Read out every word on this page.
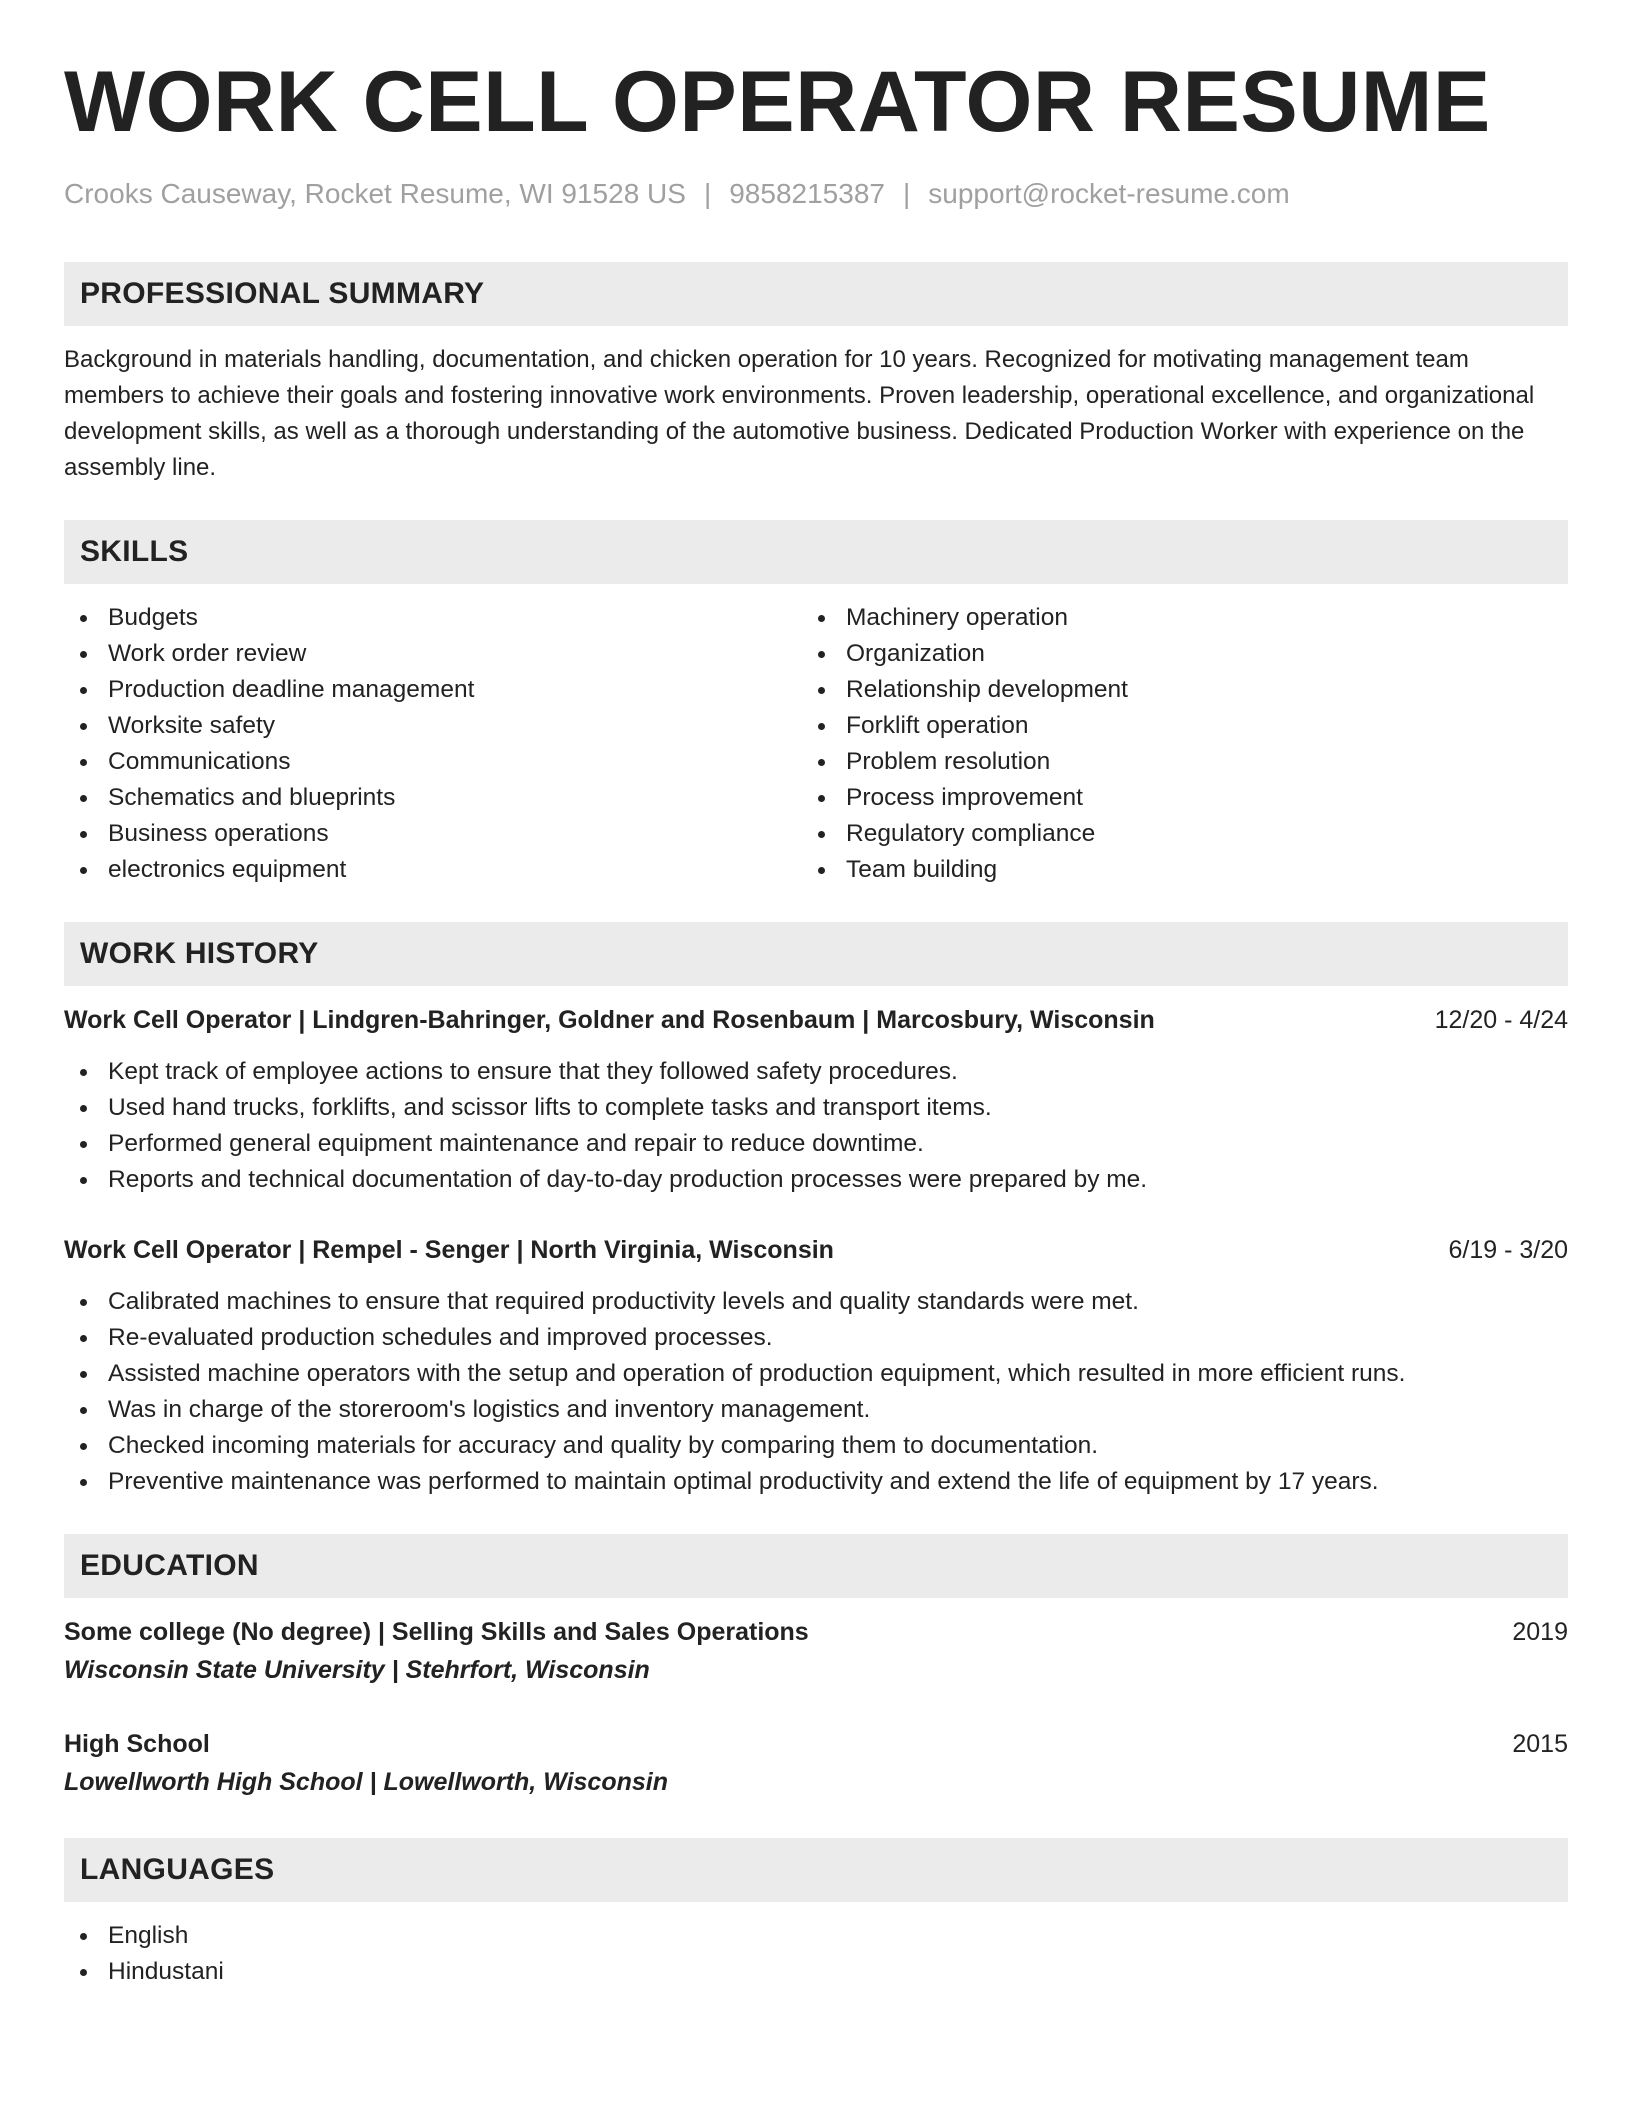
WORK CELL OPERATOR RESUME
Crooks Causeway, Rocket Resume, WI 91528 US | 9858215387 | support@rocket-resume.com
PROFESSIONAL SUMMARY
Background in materials handling, documentation, and chicken operation for 10 years. Recognized for motivating management team members to achieve their goals and fostering innovative work environments. Proven leadership, operational excellence, and organizational development skills, as well as a thorough understanding of the automotive business. Dedicated Production Worker with experience on the assembly line.
SKILLS
Budgets
Work order review
Production deadline management
Worksite safety
Communications
Schematics and blueprints
Business operations
electronics equipment
Machinery operation
Organization
Relationship development
Forklift operation
Problem resolution
Process improvement
Regulatory compliance
Team building
WORK HISTORY
Work Cell Operator | Lindgren-Bahringer, Goldner and Rosenbaum | Marcosbury, Wisconsin	12/20 - 4/24
Kept track of employee actions to ensure that they followed safety procedures.
Used hand trucks, forklifts, and scissor lifts to complete tasks and transport items.
Performed general equipment maintenance and repair to reduce downtime.
Reports and technical documentation of day-to-day production processes were prepared by me.
Work Cell Operator | Rempel - Senger | North Virginia, Wisconsin	6/19 - 3/20
Calibrated machines to ensure that required productivity levels and quality standards were met.
Re-evaluated production schedules and improved processes.
Assisted machine operators with the setup and operation of production equipment, which resulted in more efficient runs.
Was in charge of the storeroom's logistics and inventory management.
Checked incoming materials for accuracy and quality by comparing them to documentation.
Preventive maintenance was performed to maintain optimal productivity and extend the life of equipment by 17 years.
EDUCATION
Some college (No degree) | Selling Skills and Sales Operations	2019
Wisconsin State University | Stehrfort, Wisconsin
High School	2015
Lowellworth High School | Lowellworth, Wisconsin
LANGUAGES
English
Hindustani
